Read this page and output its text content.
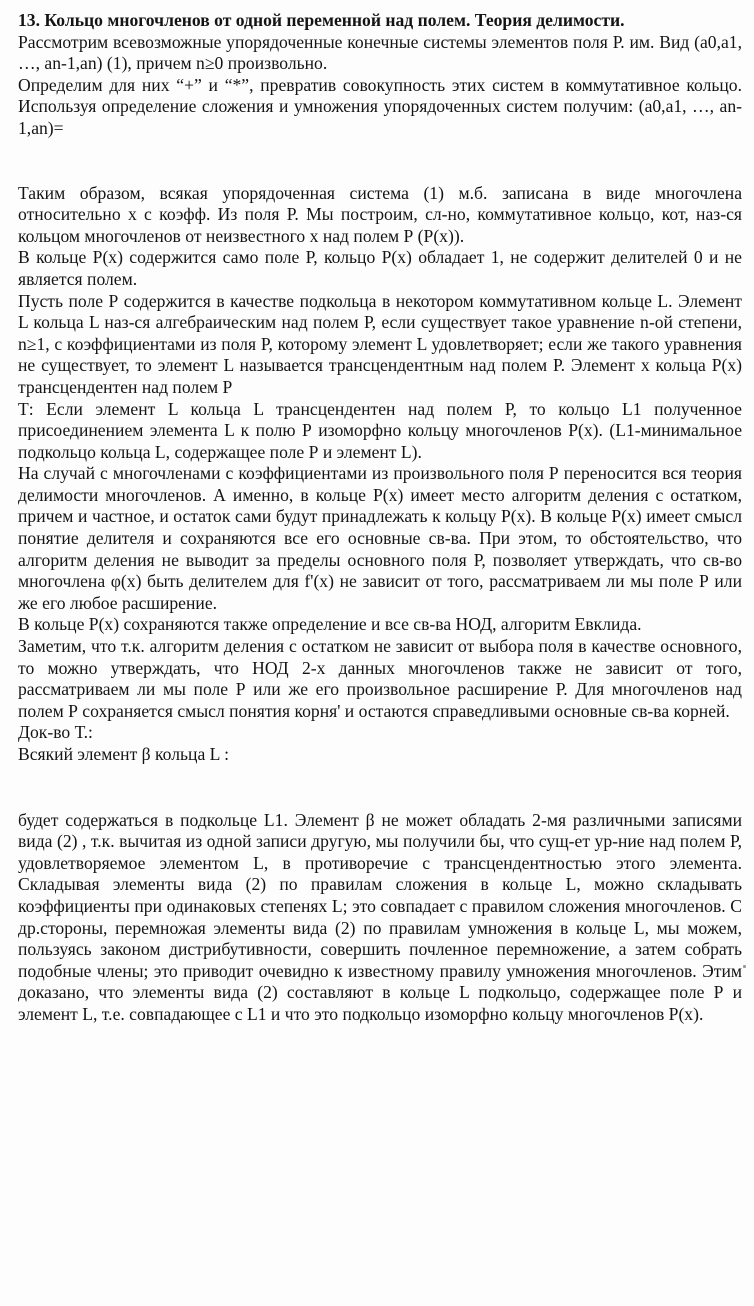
13. Кольцо многочленов от одной переменной над полем. Теория делимости.

Рассмотрим всевозможные упорядоченные конечные системы элементов поля Р. им. Вид (а0,а1, …, аn-1,аn) (1), причем n≥0 произвольно.

Определим для них “+” и “*”, превратив совокупность этих систем в коммутативное кольцо. Используя определение сложения и умножения упорядоченных систем получим: (а0,а1, …, аn-1,аn)=

Таким образом, всякая упорядоченная система (1) м.б. записана в виде многочлена относительно х с коэфф. Из поля Р. Мы построим, сл-но, коммутативное кольцо, кот, наз-ся кольцом многочленов от неизвестного х над полем Р (Р(х)).

В кольце Р(х) содержится само поле Р, кольцо Р(х) обладает 1, не содержит делителей 0 и не является полем.

Пусть поле Р содержится в качестве подкольца в некотором коммутативном кольце L. Элемент L кольца L наз-ся алгебраическим над полем Р, если существует такое уравнение n-ой степени, n≥1, с коэффициентами из поля Р, которому элемент L удовлетворяет; если же такого уравнения не существует, то элемент L называется трансцендентным над полем Р. Элемент х кольца Р(х) трансцендентен над полем Р

Т: Если элемент L кольца L трансцендентен над полем Р, то кольцо L1 полученное присоединением элемента L к полю Р изоморфно кольцу многочленов Р(х). (L1-минимальное подкольцо кольца L, содержащее поле Р и элемент L).

На случай с многочленами с коэффициентами из произвольного поля Р переносится вся теория делимости многочленов. А именно, в кольце Р(х) имеет место алгоритм деления с остатком, причем и частное, и остаток сами будут принадлежать к кольцу Р(х). В кольце Р(х) имеет смысл понятие делителя и сохраняются все его основные св-ва. При этом, то обстоятельство, что алгоритм деления не выводит за пределы основного поля Р, позволяет утверждать, что св-во многочлена φ(х) быть делителем для f'(х) не зависит от того, рассматриваем ли мы поле Р или же его любое расширение.

В кольце Р(х) сохраняются также определение и все св-ва НОД, алгоритм Евклида.

Заметим, что т.к. алгоритм деления с остатком не зависит от выбора поля в качестве основного, то можно утверждать, что НОД 2-х данных многочленов также не зависит от того, рассматриваем ли мы поле Р или же его произвольное расширение Р. Для многочленов над полем Р сохраняется смысл понятия корня' и остаются справедливыми основные св-ва корней.

Док-во Т.:

Всякий элемент β кольца L :

будет содержаться в подкольце L1. Элемент β не может обладать 2-мя различными записями вида (2) , т.к. вычитая из одной записи другую, мы получили бы, что сущ-ет ур-ние над полем Р, удовлетворяемое элементом L, в противоречие с трансцендентностью этого элемента. Складывая элементы вида (2) по правилам сложения в кольце L, можно складывать коэффициенты при одинаковых степенях L; это совпадает с правилом сложения многочленов. С др.стороны, перемножая элементы вида (2) по правилам умножения в кольце L, мы можем, пользуясь законом дистрибутивности, совершить почленное перемножение, а затем собрать подобные члены; это приводит очевидно к известному правилу умножения многочленов. Этим доказано, что элементы вида (2) составляют в кольце L подкольцо, содержащее поле Р и элемент L, т.е. совпадающее с L1 и что это подкольцо изоморфно кольцу многочленов Р(х).
